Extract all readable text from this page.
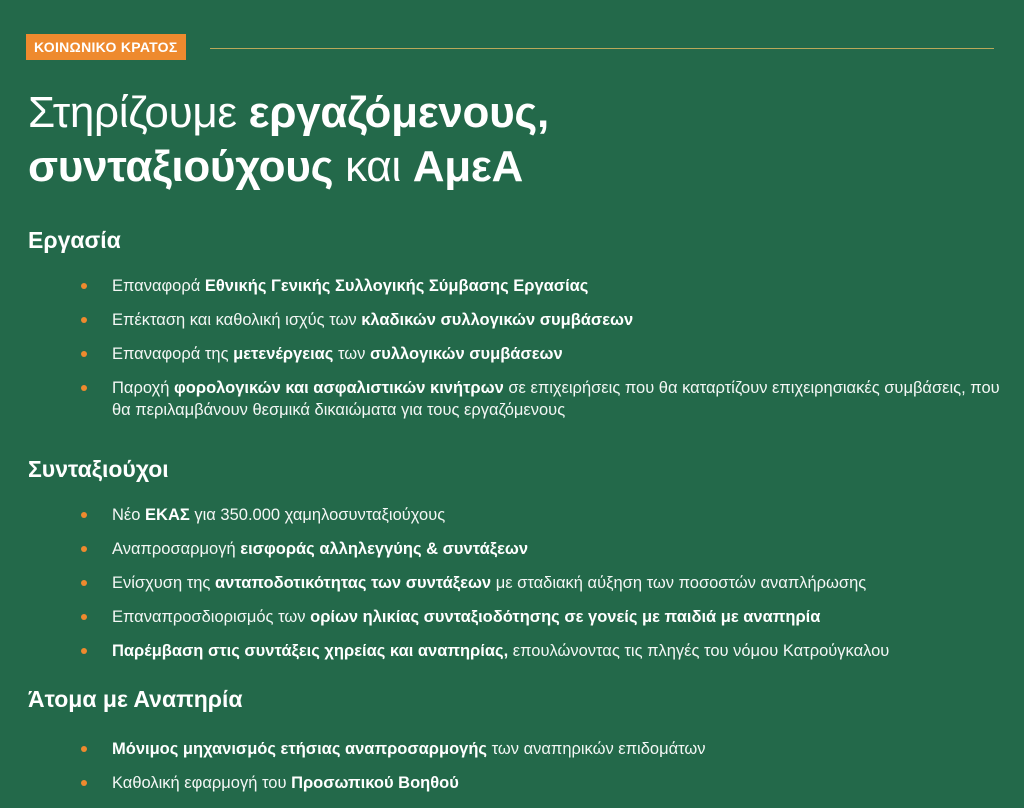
ΚΟΙΝΩΝΙΚΟ ΚΡΑΤΟΣ
Στηρίζουμε εργαζόμενους,
συνταξιούχους και ΑμεΑ
Εργασία
Επαναφορά Εθνικής Γενικής Συλλογικής Σύμβασης Εργασίας
Επέκταση και καθολική ισχύς των κλαδικών συλλογικών συμβάσεων
Επαναφορά της μετενέργειας των συλλογικών συμβάσεων
Παροχή φορολογικών και ασφαλιστικών κινήτρων σε επιχειρήσεις που θα καταρτίζουν επιχειρησιακές συμβάσεις, που θα περιλαμβάνουν θεσμικά δικαιώματα για τους εργαζόμενους
Συνταξιούχοι
Νέο ΕΚΑΣ για 350.000 χαμηλοσυνταξιούχους
Αναπροσαρμογή εισφοράς αλληλεγγύης & συντάξεων
Ενίσχυση της ανταποδοτικότητας των συντάξεων με σταδιακή αύξηση των ποσοστών αναπλήρωσης
Επαναπροσδιορισμός των ορίων ηλικίας συνταξιοδότησης σε γονείς με παιδιά με αναπηρία
Παρέμβαση στις συντάξεις χηρείας και αναπηρίας, επουλώνοντας τις πληγές του νόμου Κατρούγκαλου
Άτομα με Αναπηρία
Μόνιμος μηχανισμός ετήσιας αναπροσαρμογής των αναπηρικών επιδομάτων
Καθολική εφαρμογή του Προσωπικού Βοηθού
